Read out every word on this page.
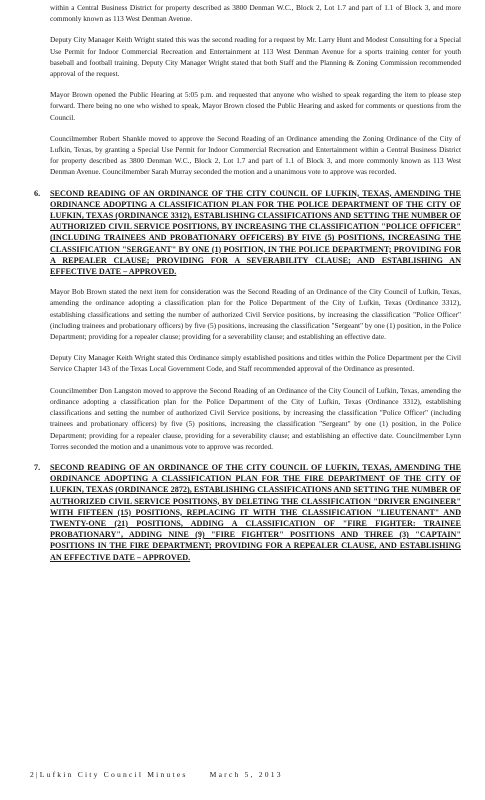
within a Central Business District for property described as 3800 Denman W.C., Block 2, Lot 1.7 and part of 1.1 of Block 3, and more commonly known as 113 West Denman Avenue.

Deputy City Manager Keith Wright stated this was the second reading for a request by Mr. Larry Hunt and Modest Consulting for a Special Use Permit for Indoor Commercial Recreation and Entertainment at 113 West Denman Avenue for a sports training center for youth baseball and football training. Deputy City Manager Wright stated that both Staff and the Planning & Zoning Commission recommended approval of the request.

Mayor Brown opened the Public Hearing at 5:05 p.m. and requested that anyone who wished to speak regarding the item to please step forward. There being no one who wished to speak, Mayor Brown closed the Public Hearing and asked for comments or questions from the Council.

Councilmember Robert Shankle moved to approve the Second Reading of an Ordinance amending the Zoning Ordinance of the City of Lufkin, Texas, by granting a Special Use Permit for Indoor Commercial Recreation and Entertainment within a Central Business District for property described as 3800 Denman W.C., Block 2, Lot 1.7 and part of 1.1 of Block 3, and more commonly known as 113 West Denman Avenue. Councilmember Sarah Murray seconded the motion and a unanimous vote to approve was recorded.

6. SECOND READING OF AN ORDINANCE OF THE CITY COUNCIL OF LUFKIN, TEXAS, AMENDING THE ORDINANCE ADOPTING A CLASSIFICATION PLAN FOR THE POLICE DEPARTMENT OF THE CITY OF LUFKIN, TEXAS (ORDINANCE 3312), ESTABLISHING CLASSIFICATIONS AND SETTING THE NUMBER OF AUTHORIZED CIVIL SERVICE POSITIONS, BY INCREASING THE CLASSIFICATION "POLICE OFFICER" (INCLUDING TRAINEES AND PROBATIONARY OFFICERS) BY FIVE (5) POSITIONS, INCREASING THE CLASSIFICATION "SERGEANT" BY ONE (1) POSITION, IN THE POLICE DEPARTMENT; PROVIDING FOR A REPEALER CLAUSE; PROVIDING FOR A SEVERABILITY CLAUSE; AND ESTABLISHING AN EFFECTIVE DATE – APPROVED.

Mayor Bob Brown stated the next item for consideration was the Second Reading of an Ordinance of the City Council of Lufkin, Texas, amending the ordinance adopting a classification plan for the Police Department of the City of Lufkin, Texas (Ordinance 3312), establishing classifications and setting the number of authorized Civil Service positions, by increasing the classification "Police Officer" (including trainees and probationary officers) by five (5) positions, increasing the classification "Sergeant" by one (1) position, in the Police Department; providing for a repealer clause; providing for a severability clause; and establishing an effective date.

Deputy City Manager Keith Wright stated this Ordinance simply established positions and titles within the Police Department per the Civil Service Chapter 143 of the Texas Local Government Code, and Staff recommended approval of the Ordinance as presented.

Councilmember Don Langston moved to approve the Second Reading of an Ordinance of the City Council of Lufkin, Texas, amending the ordinance adopting a classification plan for the Police Department of the City of Lufkin, Texas (Ordinance 3312), establishing classifications and setting the number of authorized Civil Service positions, by increasing the classification "Police Officer" (including trainees and probationary officers) by five (5) positions, increasing the classification "Sergeant" by one (1) position, in the Police Department; providing for a repealer clause, providing for a severability clause; and establishing an effective date. Councilmember Lynn Torres seconded the motion and a unanimous vote to approve was recorded.

7. SECOND READING OF AN ORDINANCE OF THE CITY COUNCIL OF LUFKIN, TEXAS, AMENDING THE ORDINANCE ADOPTING A CLASSIFICATION PLAN FOR THE FIRE DEPARTMENT OF THE CITY OF LUFKIN, TEXAS (ORDINANCE 2872), ESTABLISHING CLASSIFICATIONS AND SETTING THE NUMBER OF AUTHORIZED CIVIL SERVICE POSITIONS, BY DELETING THE CLASSIFICATION "DRIVER ENGINEER" WITH FIFTEEN (15) POSITIONS, REPLACING IT WITH THE CLASSIFICATION "LIEUTENANT" AND TWENTY-ONE (21) POSITIONS, ADDING A CLASSIFICATION OF "FIRE FIGHTER: TRAINEE PROBATIONARY", ADDING NINE (9) "FIRE FIGHTER" POSITIONS AND THREE (3) "CAPTAIN" POSITIONS IN THE FIRE DEPARTMENT; PROVIDING FOR A REPEALER CLAUSE, AND ESTABLISHING AN EFFECTIVE DATE – APPROVED.

2|Lufkin City Council Minutes	March 5, 2013
